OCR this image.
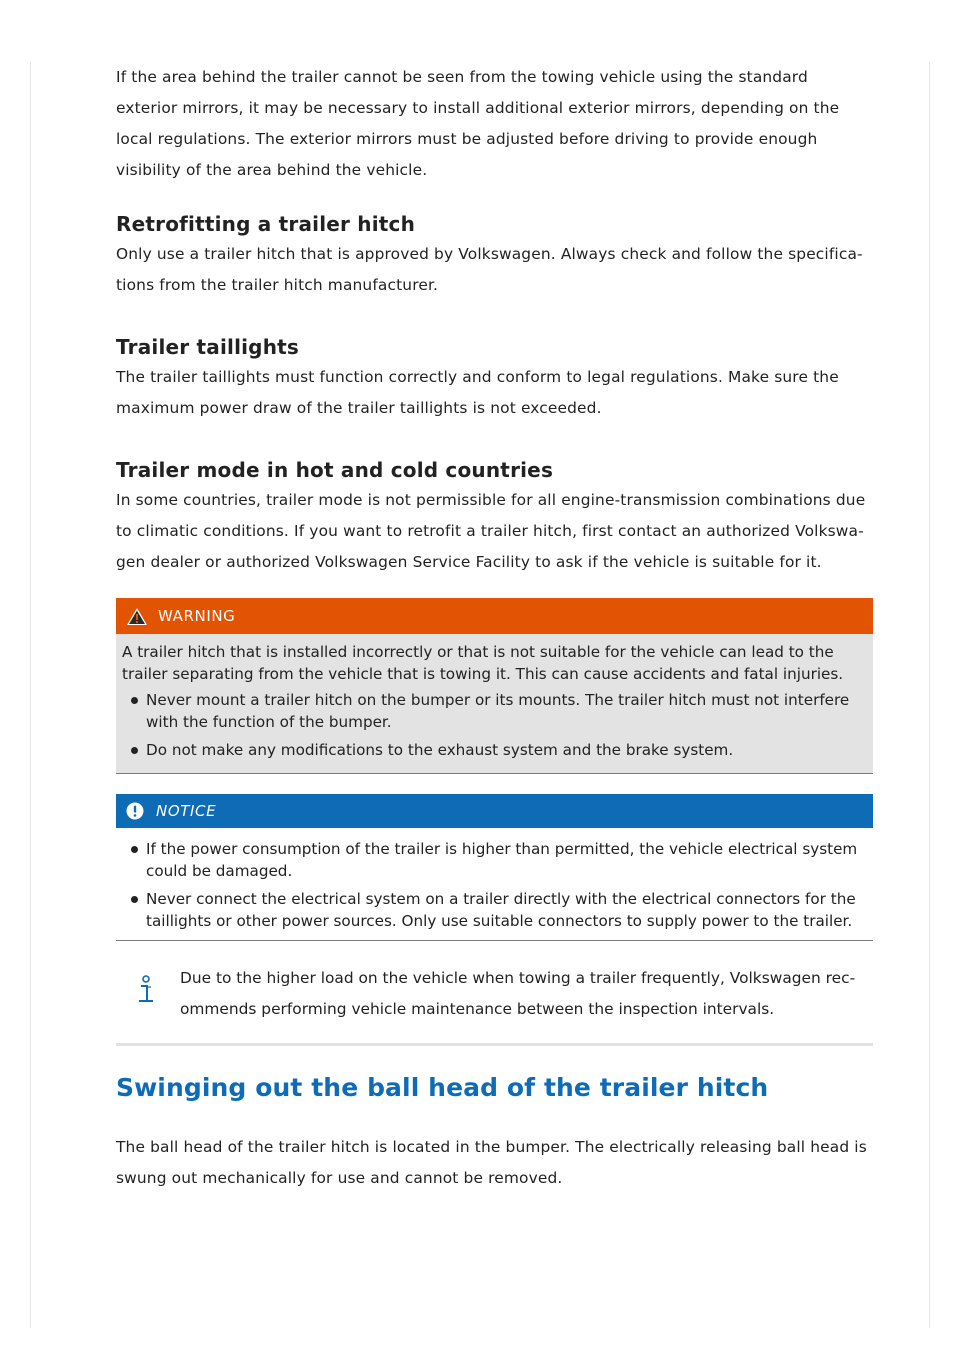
If the area behind the trailer cannot be seen from the towing vehicle using the standard exterior mirrors, it may be necessary to install additional exterior mirrors, depending on the local regulations. The exterior mirrors must be adjusted before driving to provide enough visibility of the area behind the vehicle.

Retrofitting a trailer hitch

Only use a trailer hitch that is approved by Volkswagen. Always check and follow the specifications from the trailer hitch manufacturer.

Trailer taillights

The trailer taillights must function correctly and conform to legal regulations. Make sure the maximum power draw of the trailer taillights is not exceeded.

Trailer mode in hot and cold countries

In some countries, trailer mode is not permissible for all engine-transmission combinations due to climatic conditions. If you want to retrofit a trailer hitch, first contact an authorized Volkswagen dealer or authorized Volkswagen Service Facility to ask if the vehicle is suitable for it.

WARNING

A trailer hitch that is installed incorrectly or that is not suitable for the vehicle can lead to the trailer separating from the vehicle that is towing it. This can cause accidents and fatal injuries.

Never mount a trailer hitch on the bumper or its mounts. The trailer hitch must not interfere with the function of the bumper.
Do not make any modifications to the exhaust system and the brake system.
NOTICE
If the power consumption of the trailer is higher than permitted, the vehicle electrical system could be damaged.
Never connect the electrical system on a trailer directly with the electrical connectors for the taillights or other power sources. Only use suitable connectors to supply power to the trailer.

Due to the higher load on the vehicle when towing a trailer frequently, Volkswagen recommends performing vehicle maintenance between the inspection intervals.

Swinging out the ball head of the trailer hitch

The ball head of the trailer hitch is located in the bumper. The electrically releasing ball head is swung out mechanically for use and cannot be removed.
